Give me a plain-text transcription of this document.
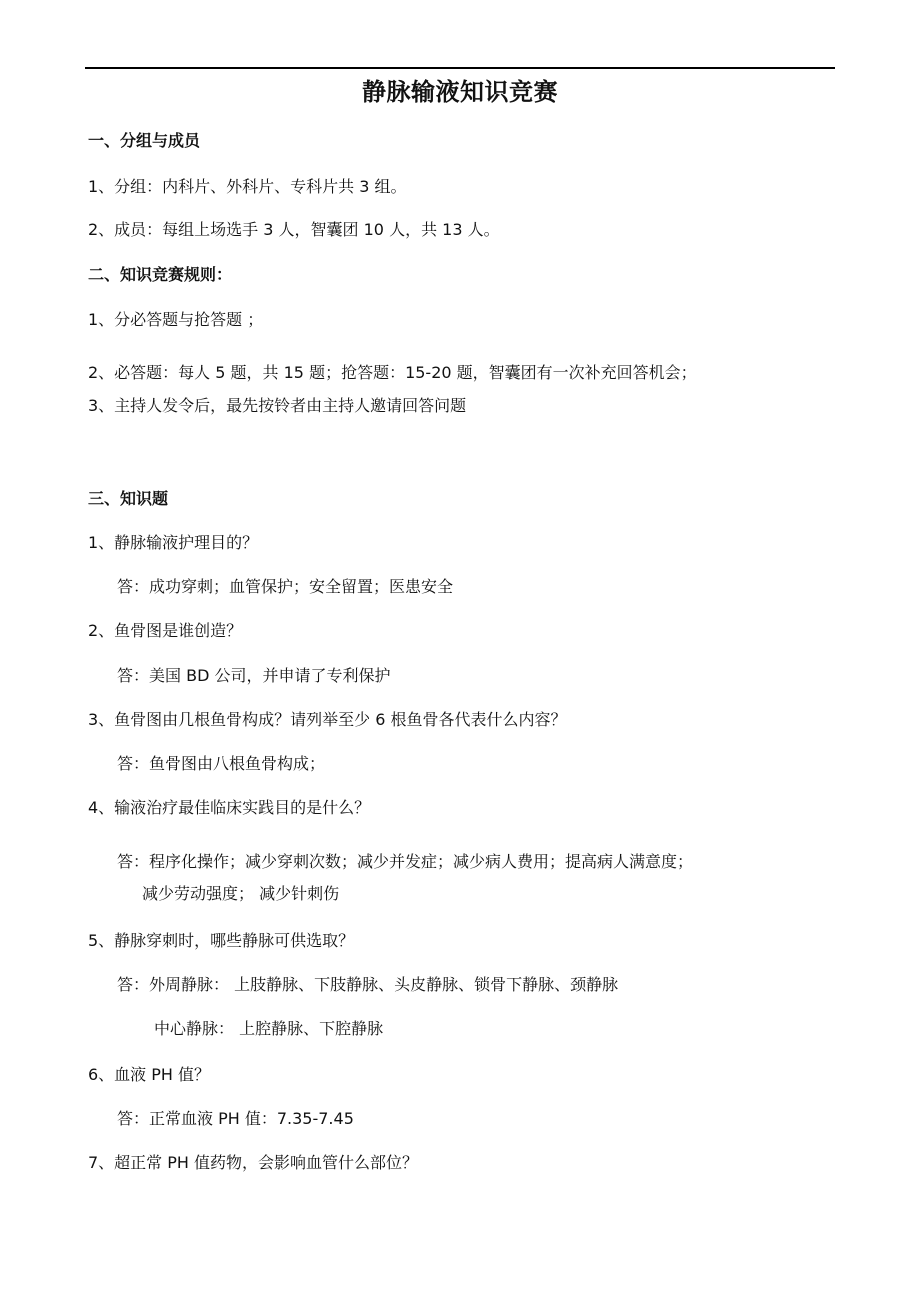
静脉输液知识竞赛
一、分组与成员
1、分组：内科片、外科片、专科片共 3 组。
2、成员：每组上场选手 3 人，智囊团 10 人，共 13 人。
二、知识竞赛规则：
1、分必答题与抢答题 ；
2、必答题：每人 5 题，共 15 题；抢答题：15-20 题，智囊团有一次补充回答机会；
3、主持人发令后，最先按铃者由主持人邀请回答问题
三、知识题
1、静脉输液护理目的？
答：成功穿刺；血管保护；安全留置；医患安全
2、鱼骨图是谁创造？
答：美国 BD 公司，并申请了专利保护
3、鱼骨图由几根鱼骨构成？请列举至少 6 根鱼骨各代表什么内容？
答：鱼骨图由八根鱼骨构成；
4、输液治疗最佳临床实践目的是什么？
答：程序化操作；减少穿刺次数；减少并发症；减少病人费用；提高病人满意度；
减少劳动强度； 减少针刺伤
5、静脉穿刺时，哪些静脉可供选取？
答：外周静脉： 上肢静脉、下肢静脉、头皮静脉、锁骨下静脉、颈静脉
中心静脉： 上腔静脉、下腔静脉
6、血液 PH 值？
答：正常血液 PH 值：7.35-7.45
7、超正常 PH 值药物，会影响血管什么部位？
